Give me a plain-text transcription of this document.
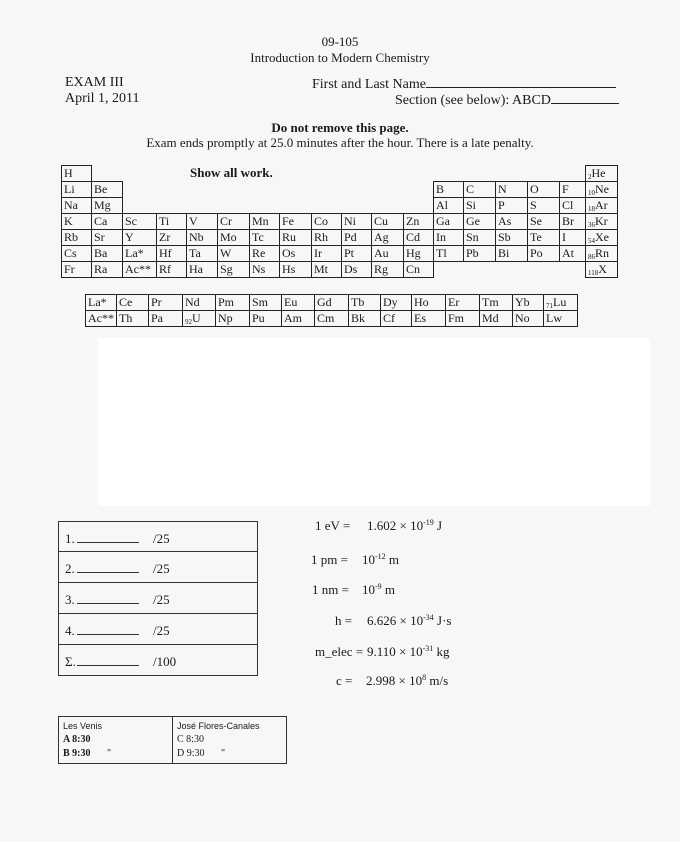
09-105
Introduction to Modern Chemistry
EXAM III
April 1, 2011
First and Last Name
Section (see below): ABCD
Do not remove this page.
Exam ends promptly at 25.0 minutes after the hour. There is a late penalty.
Show all work.
H																	$_2$He
Li	Be											B	C	N	O	F	$_{10}$Ne
Na	Mg											Al	Si	P	S	Cl	$_{18}$Ar
K	Ca	Sc	Ti	V	Cr	Mn	Fe	Co	Ni	Cu	Zn	Ga	Ge	As	Se	Br	$_{36}$Kr
Rb	Sr	Y	Zr	Nb	Mo	Tc	Ru	Rh	Pd	Ag	Cd	In	Sn	Sb	Te	I	$_{54}$Xe
Cs	Ba	La*	Hf	Ta	W	Re	Os	Ir	Pt	Au	Hg	Tl	Pb	Bi	Po	At	$_{86}$Rn
Fr	Ra	Ac**	Rf	Ha	Sg	Ns	Hs	Mt	Ds	Rg	Cn						$_{118}$X
La*	Ce	Pr	Nd	Pm	Sm	Eu	Gd	Tb	Dy	Ho	Er	Tm	Yb	$_{71}$Lu
Ac**	Th	Pa	$_{92}$U	Np	Pu	Am	Cm	Bk	Cf	Es	Fm	Md	No	Lw
1.	/25
2.	/25
3.	/25
4.	/25
Σ.	/100
1 eV = $1.602 \times 10^{-19}$ J
1 pm = $10^{-12}$ m
1 nm = $10^{-9}$ m
$h = 6.626 \times 10^{-34}$ J·s
m_elec = $9.110 \times 10^{-31}$ kg
$c = 2.998 \times 10^8$ m/s
Les Venis
A 8:30
B 9:30 "

José Flores-Canales
C 8:30
D 9:30 "
